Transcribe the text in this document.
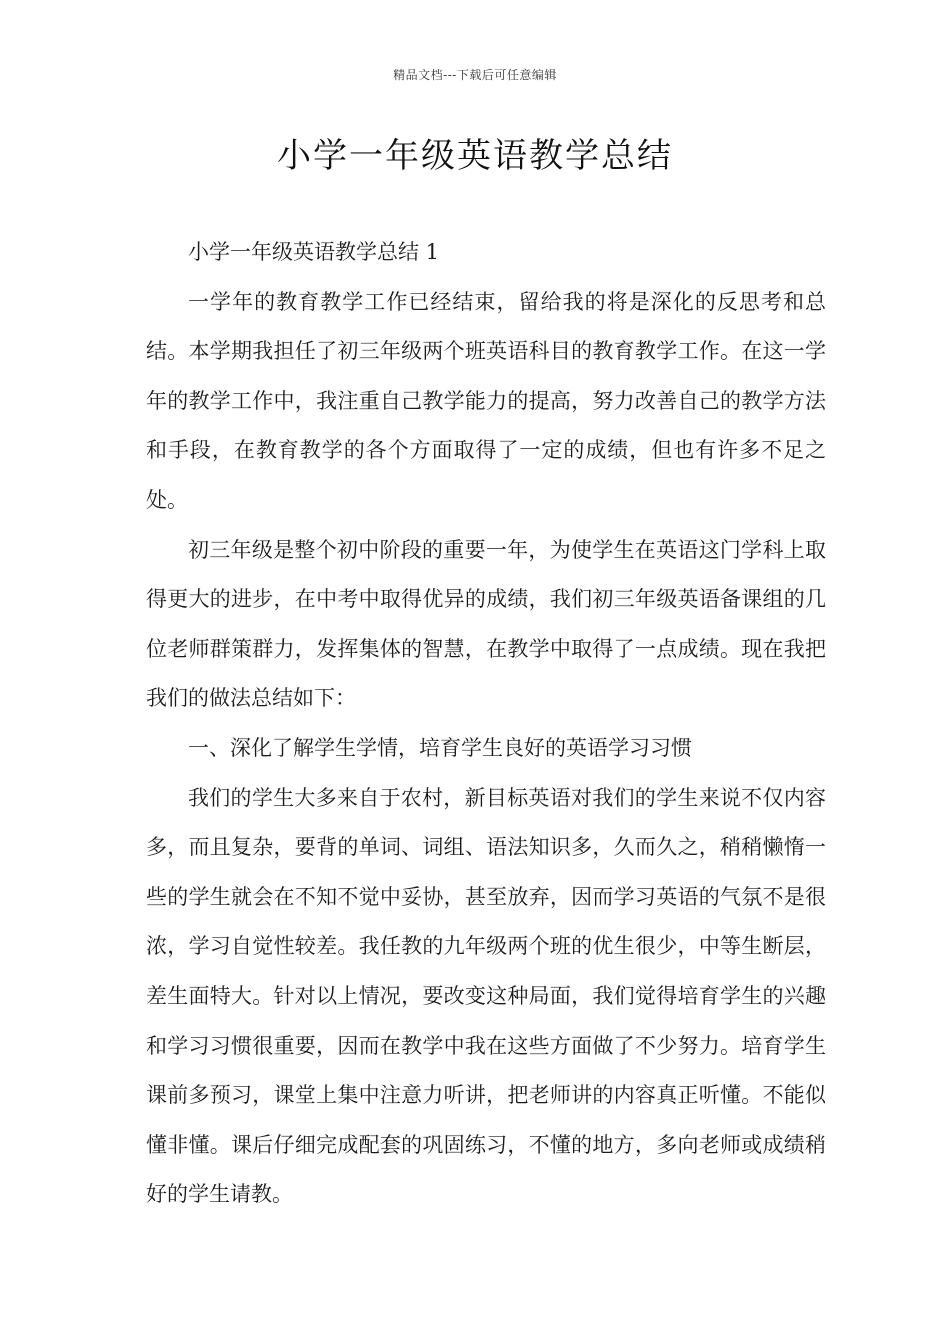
精品文档---下载后可任意编辑
小学一年级英语教学总结

小学一年级英语教学总结 1

一学年的教育教学工作已经结束，留给我的将是深化的反思考和总结。本学期我担任了初三年级两个班英语科目的教育教学工作。在这一学年的教学工作中，我注重自己教学能力的提高，努力改善自己的教学方法和手段，在教育教学的各个方面取得了一定的成绩，但也有许多不足之处。

初三年级是整个初中阶段的重要一年，为使学生在英语这门学科上取得更大的进步，在中考中取得优异的成绩，我们初三年级英语备课组的几位老师群策群力，发挥集体的智慧，在教学中取得了一点成绩。现在我把我们的做法总结如下：

一、深化了解学生学情，培育学生良好的英语学习习惯

我们的学生大多来自于农村，新目标英语对我们的学生来说不仅内容多，而且复杂，要背的单词、词组、语法知识多，久而久之，稍稍懒惰一些的学生就会在不知不觉中妥协，甚至放弃，因而学习英语的气氛不是很浓，学习自觉性较差。我任教的九年级两个班的优生很少，中等生断层，差生面特大。针对以上情况，要改变这种局面，我们觉得培育学生的兴趣和学习习惯很重要，因而在教学中我在这些方面做了不少努力。培育学生课前多预习，课堂上集中注意力听讲，把老师讲的内容真正听懂。不能似懂非懂。课后仔细完成配套的巩固练习，不懂的地方，多向老师或成绩稍好的学生请教。
